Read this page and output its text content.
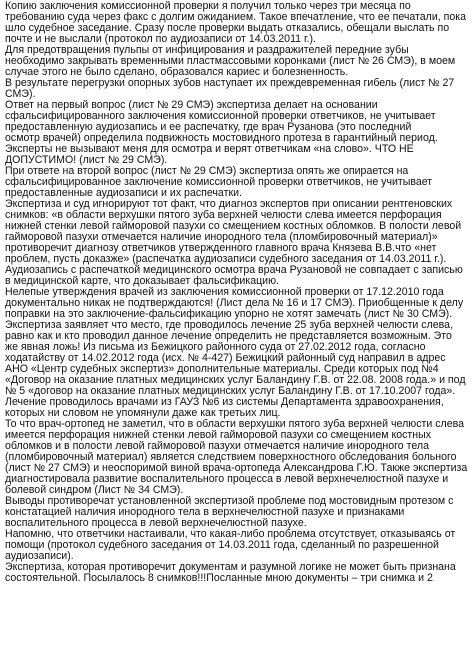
Копию заключения комиссионной проверки я получил только через три месяца по
требованию суда через факс с долгим ожиданием. Такое впечатление, что ее печатали, пока
шло судебное заседание. Сразу после проверки выдать отказались, обещали выслать по
почте и не выслали (протокол по аудиозаписи от 14.03.2011 г.).
Для предотвращения пульпы от инфицирования и раздражителей передние зубы
необходимо закрывать временными пластмассовыми коронками (лист № 26 СМЭ), в моем
случае этого не было сделано, образовался кариес и болезненность.
В результате перегрузки опорных зубов наступает их преждевременная гибель (лист № 27
СМЭ).
Ответ на первый вопрос (лист № 29 СМЭ) экспертиза делает на основании
сфальсифицированного заключения комиссионной проверки ответчиков, не учитывает
предоставленную аудиозапись и ее распечатку, где врач Рузанова (это последний
осмотр врачей) определила подвижность мостовидного протеза в гарантийный период.
Эксперты не вызывают меня для осмотра и верят ответчикам «на слово». ЧТО НЕ
ДОПУСТИМО! (лист № 29 СМЭ).
При ответе на второй вопрос (лист № 29 СМЭ) экспертиза опять же опирается на
сфальсифицированное заключение комиссионной проверки ответчиков, не учитывает
предоставленные аудиозаписи и их распечатки.
Экспертиза и суд игнорируют тот факт, что диагноз экспертов при описании рентгеновских
снимков: «в области верхушки пятого зуба верхней челюсти слева имеется перфорация
нижней стенки левой гайморовой пазухи со смещением костных обломков. В полости левой
гайморовой пазухи отмечается наличие инородного тела (пломбировочный материал)»
противоречит диагнозу ответчиков утвержденного главного врача Князева В.В.что «нет
проблем, пусть доказже» (распечатка аудиозаписи судебного заседания от 14.03.2011 г.).
Аудиозапись с распечаткой медицинского осмотра врача Рузановой не совпадает с записью
в медицинской карте, что доказывает фальсификацию.
Нелепые утверждения врачей из заключения комиссионной проверки от 17.12.2010 года
документально никак не подтверждаются! (Лист дела № 16 и 17 СМЭ). Приобщенные к делу
поправки на это заключение-фальсификацию упорно не хотят замечать (лист № 30 СМЭ).
Экспертиза заявляет что место, где проводилось лечение 25 зуба верхней челюсти слева,
равно как и кто проводил данное лечение определить не представляется возможным. Это
же явная ложь! Из письма из Бежицкого районного суда от 27.02.2012 года, согласно
ходатайству от 14.02.2012 года (исх. № 4-427) Бежицкий районный суд направил в адрес
АНО «Центр судебных экспертиз» дополнительные материалы. Среди которых под №4
«Договор на оказание платных медицинских услуг Баландину Г.В. от 22.08. 2008 года.» и под
№ 5 «договор на оказание платных медицинских услуг Баландину Г.В. от 17.10.2007 года».
Лечение проводилось врачами из ГАУЗ №6 из системы Департамента здравоохранения,
которых ни словом не упомянули даже как третьих лиц.
То что врач-ортопед не заметил, что в области верхушки пятого зуба верхней челюсти слева
имеется перфорация нижней стенки левой гайморовой пазухи со смещением костных
обломков и в полости левой гайморовой пазухи отмечается наличие инородного тела
(пломбировочный материал) является следствием поверхностного обследования больного
(лист № 27 СМЭ) и неоспоримой виной врача-ортопеда Александрова Г.Ю. Также экспертиза
диагностировала развитие воспалительного процесса в левой верхнечелюстной пазухе и
болевой синдром (Лист № 34 СМЭ).
Выводы противоречат установленной экспертизой проблеме под мостовидным протезом с
констатацией наличия инородного тела в верхнечелюстной пазухе и признаками
воспалительного процесса в левой верхнечелюстной пазухе.
Напомню, что ответчики настаивали, что какая-либо проблема отсутствует, отказываясь от
помощи (протокол судебного заседания от 14.03.2011 года, сделанный по разрешенной
аудиозаписи).
Экспертиза, которая противоречит документам и разумной логике не может быть признана
состоятельной. Посылалось 8 снимков!!!Посланные мною документы – три снимка и 2
